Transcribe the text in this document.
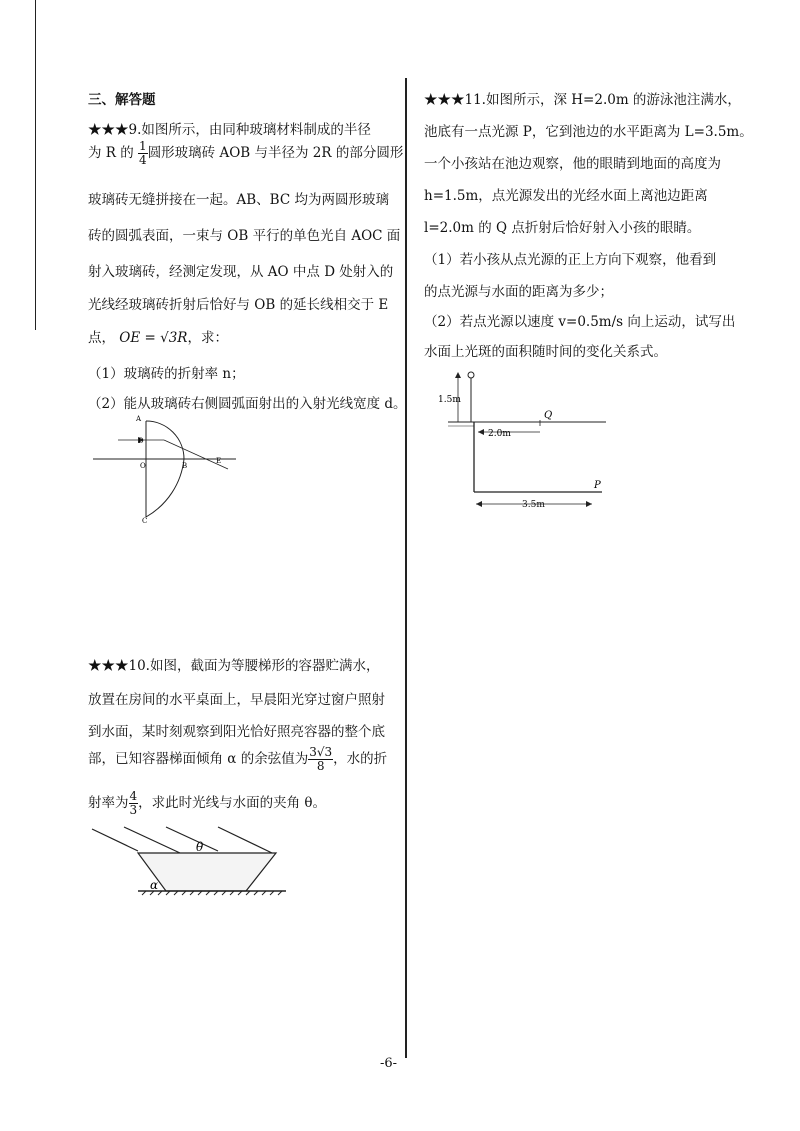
三、解答题
★★★9.如图所示，由同种玻璃材料制成的半径
为 R 的 $\frac{1}{4}$ 圆形玻璃砖 AOB 与半径为 2R 的部分圆形
玻璃砖无缝拼接在一起。AB、BC 均为两圆形玻璃
砖的圆弧表面，一束与 OB 平行的单色光自 AOC 面
射入玻璃砖，经测定发现，从 AO 中点 D 处射入的
光线经玻璃砖折射后恰好与 OB 的延长线相交于 E
点， OE = √3R，求：
（1）玻璃砖的折射率 n；
（2）能从玻璃砖右侧圆弧面射出的入射光线宽度 d。
A
D
O	B
E
C
★★★10.如图，截面为等腰梯形的容器贮满水，
放置在房间的水平桌面上，早晨阳光穿过窗户照射
到水面，某时刻观察到阳光恰好照亮容器的整个底
部，已知容器梯面倾角 α 的余弦值为 $\frac{3√3}{8}$ ，水的折
射率为 $\frac{4}{3}$ ，求此时光线与水面的夹角 θ。
θ
α
★★★11.如图所示，深 H=2.0m 的游泳池注满水，
池底有一点光源 P，它到池边的水平距离为 L=3.5m。
一个小孩站在池边观察，他的眼睛到地面的高度为
h=1.5m，点光源发出的光经水面上离池边距离
l=2.0m 的 Q 点折射后恰好射入小孩的眼睛。
（1）若小孩从点光源的正上方向下观察，他看到
的点光源与水面的距离为多少；
（2）若点光源以速度 v=0.5m/s 向上运动，试写出
水面上光斑的面积随时间的变化关系式。
1.5m
2.0m
Q
P
3.5m
-6-
